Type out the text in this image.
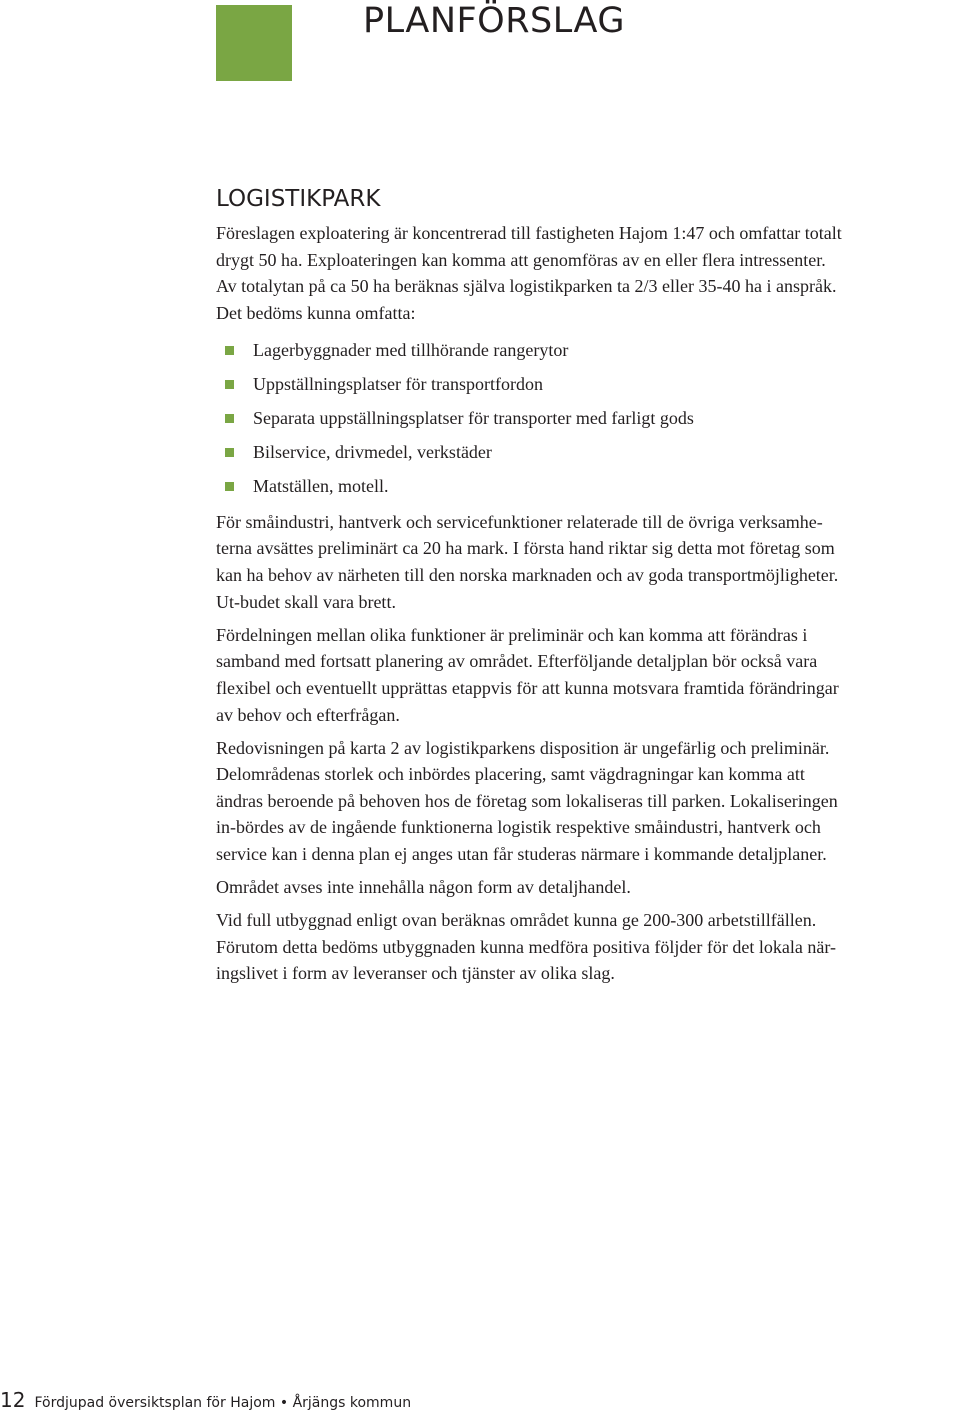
PLANFÖRSLAG
LOGISTIKPARK

Föreslagen exploatering är koncentrerad till fastigheten Hajom 1:47 och omfattar totalt
drygt 50 ha. Exploateringen kan komma att genomföras av en eller flera intressenter.
Av totalytan på ca 50 ha beräknas själva logistikparken ta 2/3 eller 35-40 ha i anspråk.
Det bedöms kunna omfatta:

Lagerbyggnader med tillhörande rangerytor
Uppställningsplatser för transportfordon
Separata uppställningsplatser för transporter med farligt gods
Bilservice, drivmedel, verkstäder
Matställen, motell.

För småindustri, hantverk och servicefunktioner relaterade till de övriga verksamhe-
terna avsättes preliminärt ca 20 ha mark. I första hand riktar sig detta mot företag som
kan ha behov av närheten till den norska marknaden och av goda transportmöjligheter.
Ut-budet skall vara brett.

Fördelningen mellan olika funktioner är preliminär och kan komma att förändras i
samband med fortsatt planering av området. Efterföljande detaljplan bör också vara
flexibel och eventuellt upprättas etappvis för att kunna motsvara framtida förändringar
av behov och efterfrågan.

Redovisningen på karta 2 av logistikparkens disposition är ungefärlig och preliminär.
Delområdenas storlek och inbördes placering, samt vägdragningar kan komma att
ändras beroende på behoven hos de företag som lokaliseras till parken. Lokaliseringen
in-bördes av de ingående funktionerna logistik respektive småindustri, hantverk och
service kan i denna plan ej anges utan får studeras närmare i kommande detaljplaner.

Området avses inte innehålla någon form av detaljhandel.

Vid full utbyggnad enligt ovan beräknas området kunna ge 200-300 arbetstillfällen.
Förutom detta bedöms utbyggnaden kunna medföra positiva följder för det lokala när-
ingslivet i form av leveranser och tjänster av olika slag.

12 Fördjupad översiktsplan för Hajom • Årjängs kommun
